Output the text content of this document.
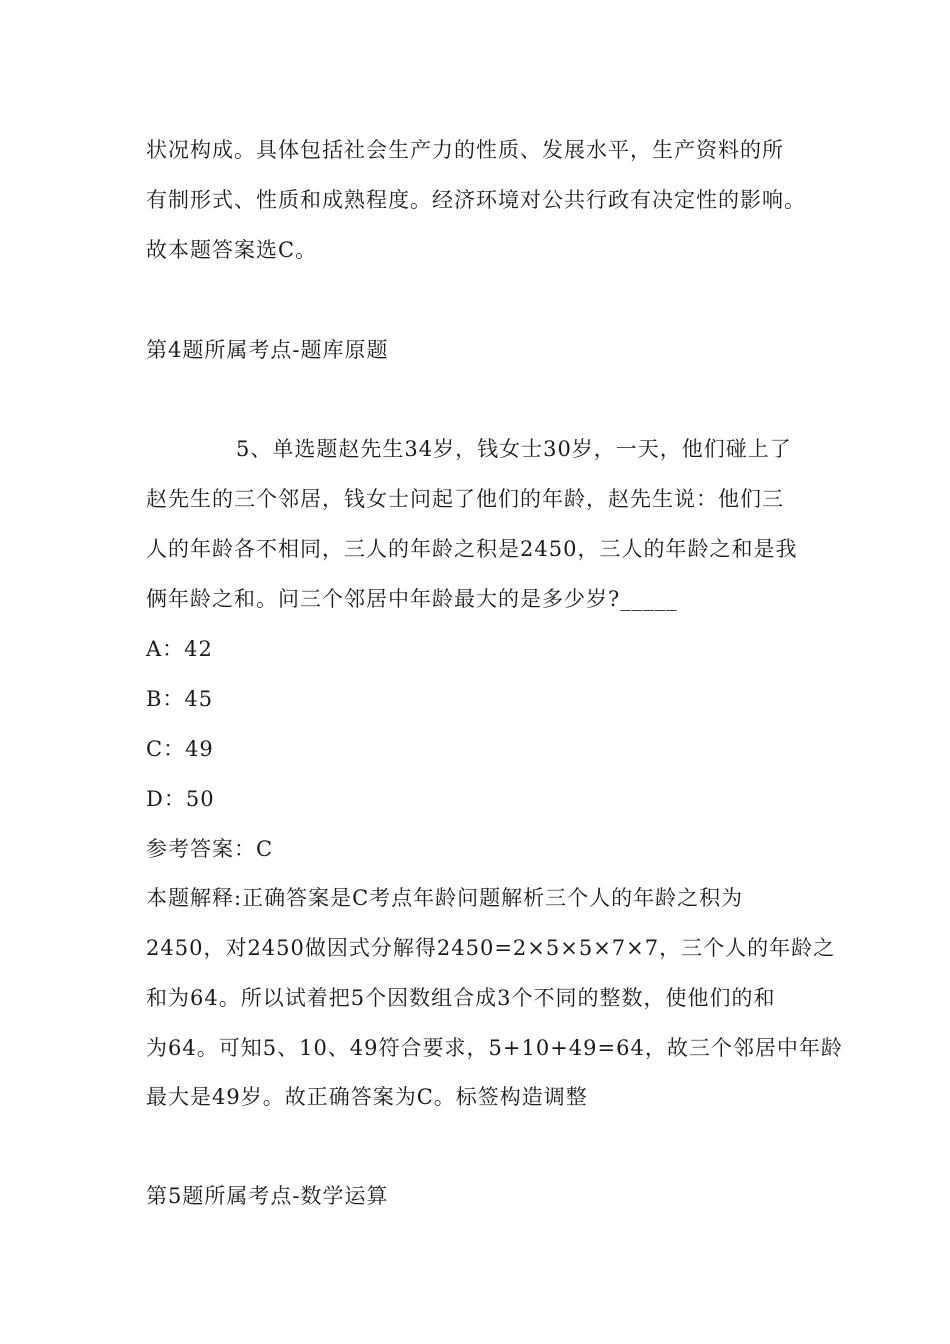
状况构成。具体包括社会生产力的性质、发展水平，生产资料的所
有制形式、性质和成熟程度。经济环境对公共行政有决定性的影响。
故本题答案选C。
第4题所属考点-题库原题
5、单选题赵先生34岁，钱女士30岁，一天，他们碰上了
赵先生的三个邻居，钱女士问起了他们的年龄，赵先生说：他们三
人的年龄各不相同，三人的年龄之积是2450，三人的年龄之和是我
俩年龄之和。问三个邻居中年龄最大的是多少岁?_____
A：42
B：45
C：49
D：50
参考答案：C
本题解释:正确答案是C考点年龄问题解析三个人的年龄之积为
2450，对2450做因式分解得2450=2×5×5×7×7，三个人的年龄之
和为64。所以试着把5个因数组合成3个不同的整数，使他们的和
为64。可知5、10、49符合要求，5+10+49=64，故三个邻居中年龄
最大是49岁。故正确答案为C。标签构造调整
第5题所属考点-数学运算
